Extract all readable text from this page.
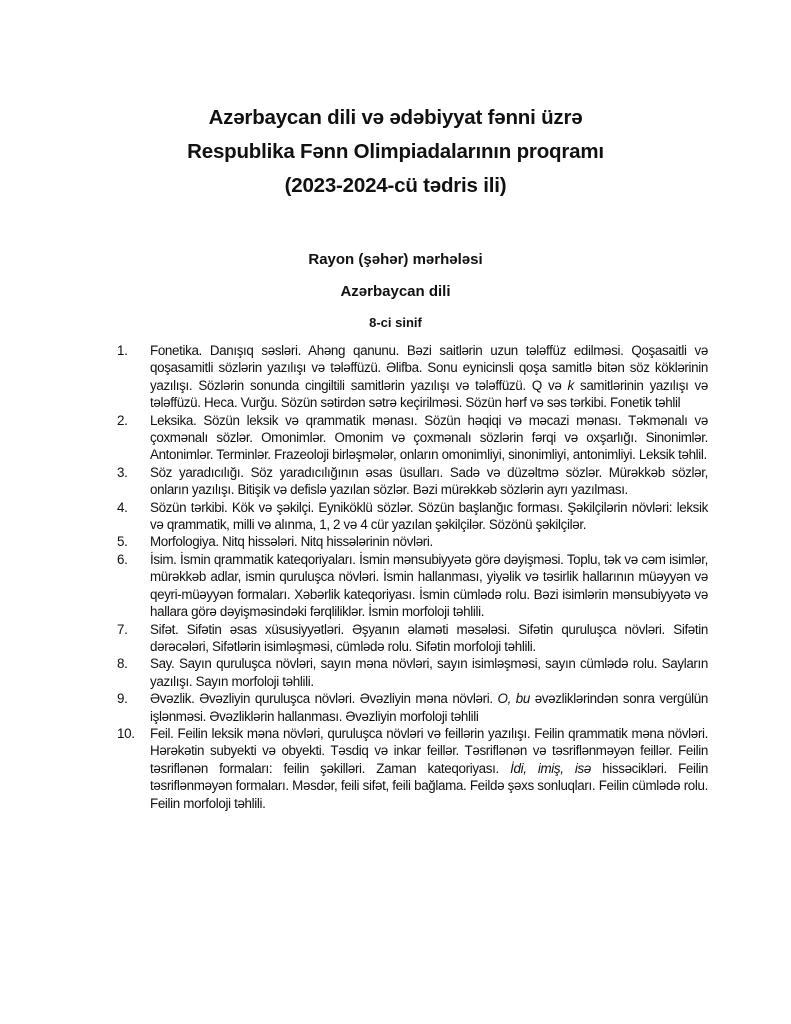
Azərbaycan dili və ədəbiyyat fənni üzrə

Respublika Fənn Olimpiadalarının proqramı

(2023-2024-cü tədris ili)

Rayon (şəhər) mərhələsi

Azərbaycan dili

8-ci sinif

1.	Fonetika. Danışıq səsləri. Ahəng qanunu. Bəzi saitlərin uzun tələffüz edilməsi. Qoşasaitli və qoşasamitli sözlərin yazılışı və tələffüzü. Əlifba. Sonu eynicinsli qoşa samitlə bitən söz köklərinin yazılışı. Sözlərin sonunda cingiltili samitlərin yazılışı və tələffüzü. Q və k samitlərinin yazılışı və tələffüzü. Heca. Vurğu. Sözün sətirdən sətrə keçirilməsi. Sözün hərf və səs tərkibi. Fonetik təhlil
2.	Leksika. Sözün leksik və qrammatik mənası. Sözün həqiqi və məcazi mənası. Təkmənalı və çoxmənalı sözlər. Omonimlər. Omonim və çoxmənalı sözlərin fərqi və oxşarlığı. Sinonimlər. Antonimlər. Terminlər. Frazeoloji birləşmələr, onların omonimliyi, sinonimliyi, antonimliyi. Leksik təhlil.
3.	Söz yaradıcılığı. Söz yaradıcılığının əsas üsulları. Sadə və düzəltmə sözlər. Mürəkkəb sözlər, onların yazılışı. Bitişik və defislə yazılan sözlər. Bəzi mürəkkəb sözlərin ayrı yazılması.
4.	Sözün tərkibi. Kök və şəkilçi. Eyniköklü sözlər. Sözün başlanğıc forması. Şəkilçilərin növləri: leksik və qrammatik, milli və alınma, 1, 2 və 4 cür yazılan şəkilçilər. Sözönü şəkilçilər.
5.	Morfologiya. Nitq hissələri. Nitq hissələrinin növləri.
6.	İsim. İsmin qrammatik kateqoriyaları. İsmin mənsubiyyətə görə dəyişməsi. Toplu, tək və cəm isimlər, mürəkkəb adlar, ismin quruluşca növləri. İsmin hallanması, yiyəlik və təsirlik hallarının müəyyən və qeyri-müəyyən formaları. Xəbərlik kateqoriyası. İsmin cümlədə rolu. Bəzi isimlərin mənsubiyyətə və hallara görə dəyişməsindəki fərqliliklər. İsmin morfoloji təhlili.
7.	Sifət. Sifətin əsas xüsusiyyətləri. Əşyanın əlaməti məsələsi. Sifətin quruluşca növləri. Sifətin dərəcələri, Sifətlərin isimləşməsi, cümlədə rolu. Sifətin morfoloji təhlili.
8.	Say. Sayın quruluşca növləri, sayın məna növləri, sayın isimləşməsi, sayın cümlədə rolu. Sayların yazılışı. Sayın morfoloji təhlili.
9.	Əvəzlik. Əvəzliyin quruluşca növləri. Əvəzliyin məna növləri. O, bu əvəzliklərindən sonra vergülün işlənməsi. Əvəzliklərin hallanması. Əvəzliyin morfoloji təhlili
10.	Feil. Feilin leksik məna növləri, quruluşca növləri və feillərin yazılışı. Feilin qrammatik məna növləri. Hərəkətin subyekti və obyekti. Təsdiq və inkar feillər. Təsriflənən və təsriflənməyən feillər. Feilin təsriflənən formaları: feilin şəkilləri. Zaman kateqoriyası. İdi, imiş, isə hissəcikləri. Feilin təsriflənməyən formaları. Məsdər, feili sifət, feili bağlama. Feildə şəxs sonluqları. Feilin cümlədə rolu. Feilin morfoloji təhlili.
